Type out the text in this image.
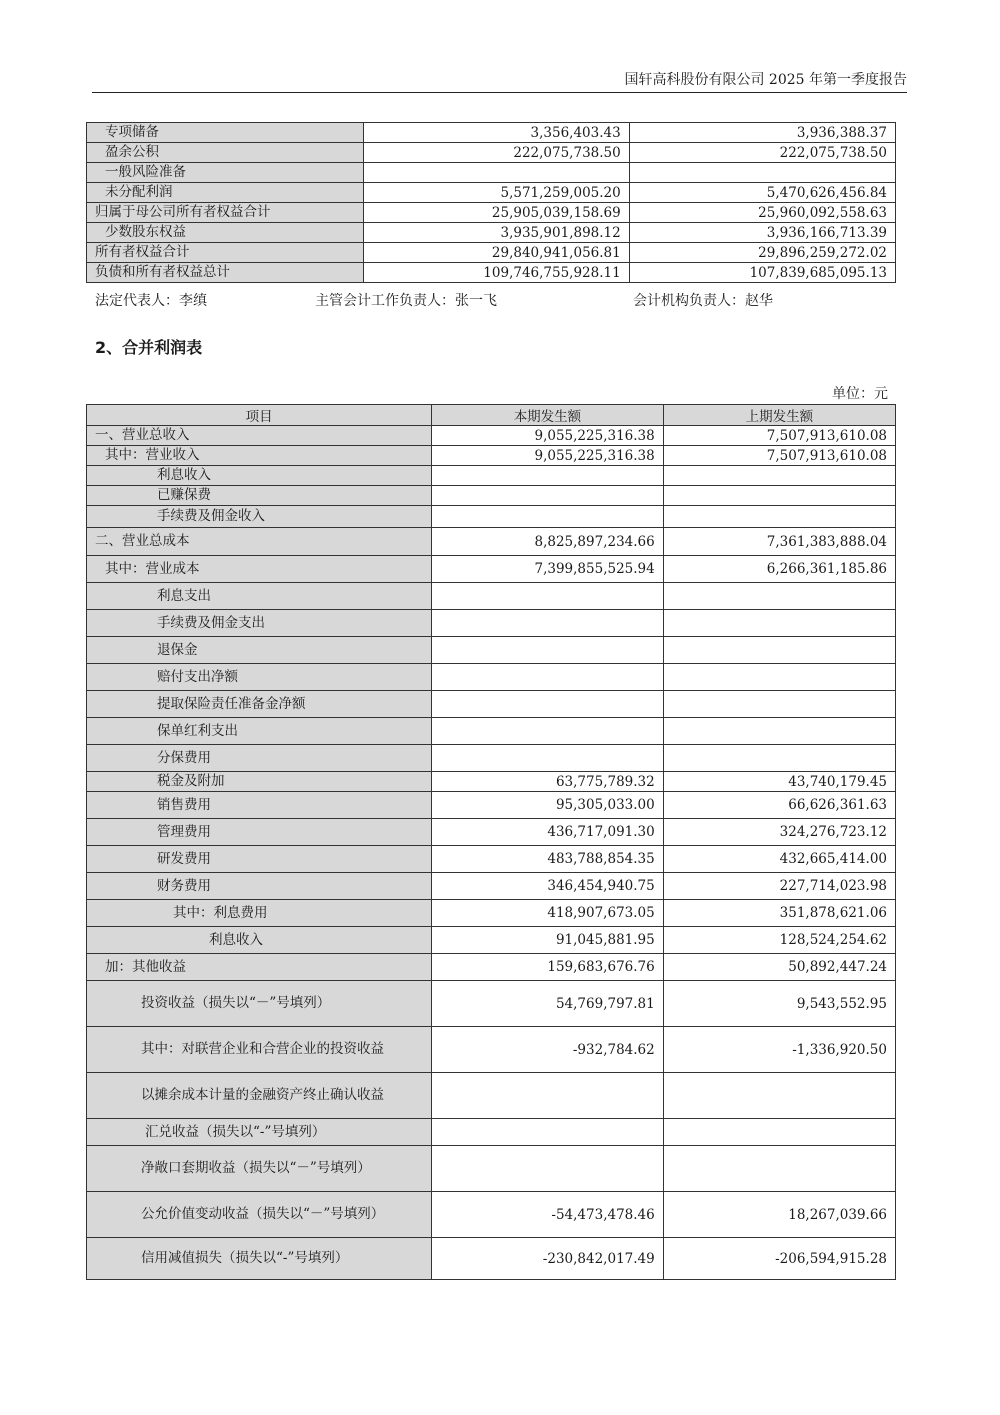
国轩高科股份有限公司 2025 年第一季度报告
专项储备	3,356,403.43	3,936,388.37
盈余公积	222,075,738.50	222,075,738.50
一般风险准备		
未分配利润	5,571,259,005.20	5,470,626,456.84
归属于母公司所有者权益合计	25,905,039,158.69	25,960,092,558.63
少数股东权益	3,935,901,898.12	3,936,166,713.39
所有者权益合计	29,840,941,056.81	29,896,259,272.02
负债和所有者权益总计	109,746,755,928.11	107,839,685,095.13
法定代表人：李缜	主管会计工作负责人：张一飞	会计机构负责人：赵华
2、合并利润表
单位：元
项目	本期发生额	上期发生额
一、营业总收入	9,055,225,316.38	7,507,913,610.08
其中：营业收入	9,055,225,316.38	7,507,913,610.08
利息收入		
已赚保费		
手续费及佣金收入		
二、营业总成本	8,825,897,234.66	7,361,383,888.04
其中：营业成本	7,399,855,525.94	6,266,361,185.86
利息支出		
手续费及佣金支出		
退保金		
赔付支出净额		
提取保险责任准备金净额		
保单红利支出		
分保费用		
税金及附加	63,775,789.32	43,740,179.45
销售费用	95,305,033.00	66,626,361.63
管理费用	436,717,091.30	324,276,723.12
研发费用	483,788,854.35	432,665,414.00
财务费用	346,454,940.75	227,714,023.98
其中：利息费用	418,907,673.05	351,878,621.06
利息收入	91,045,881.95	128,524,254.62
加：其他收益	159,683,676.76	50,892,447.24
投资收益（损失以“－”号填列）	54,769,797.81	9,543,552.95
其中：对联营企业和合营企业的投资收益	-932,784.62	-1,336,920.50
以摊余成本计量的金融资产终止确认收益		
汇兑收益（损失以“-”号填列）		
净敞口套期收益（损失以“－”号填列）		
公允价值变动收益（损失以“－”号填列）	-54,473,478.46	18,267,039.66
信用减值损失（损失以“-”号填列）	-230,842,017.49	-206,594,915.28
